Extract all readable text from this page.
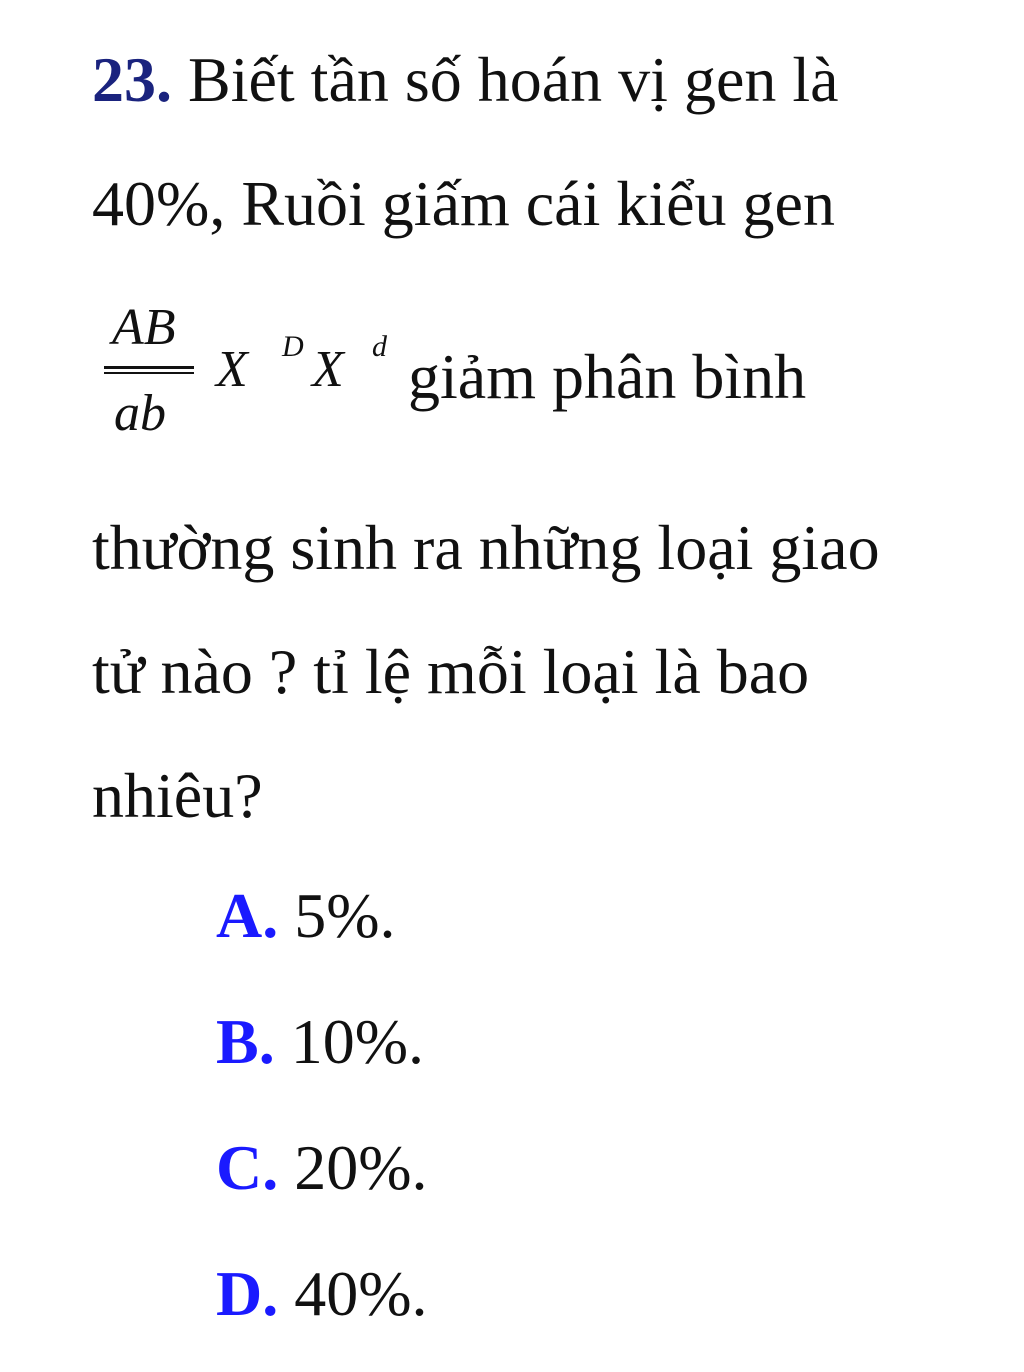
23. Biết tần số hoán vị gen là
40%, Ruồi giấm cái kiểu gen
AB
ab
X D X d giảm phân bình
thường sinh ra những loại giao
tử nào ? tỉ lệ mỗi loại là bao
nhiêu?
A. 5%.
B. 10%.
C. 20%.
D. 40%.
